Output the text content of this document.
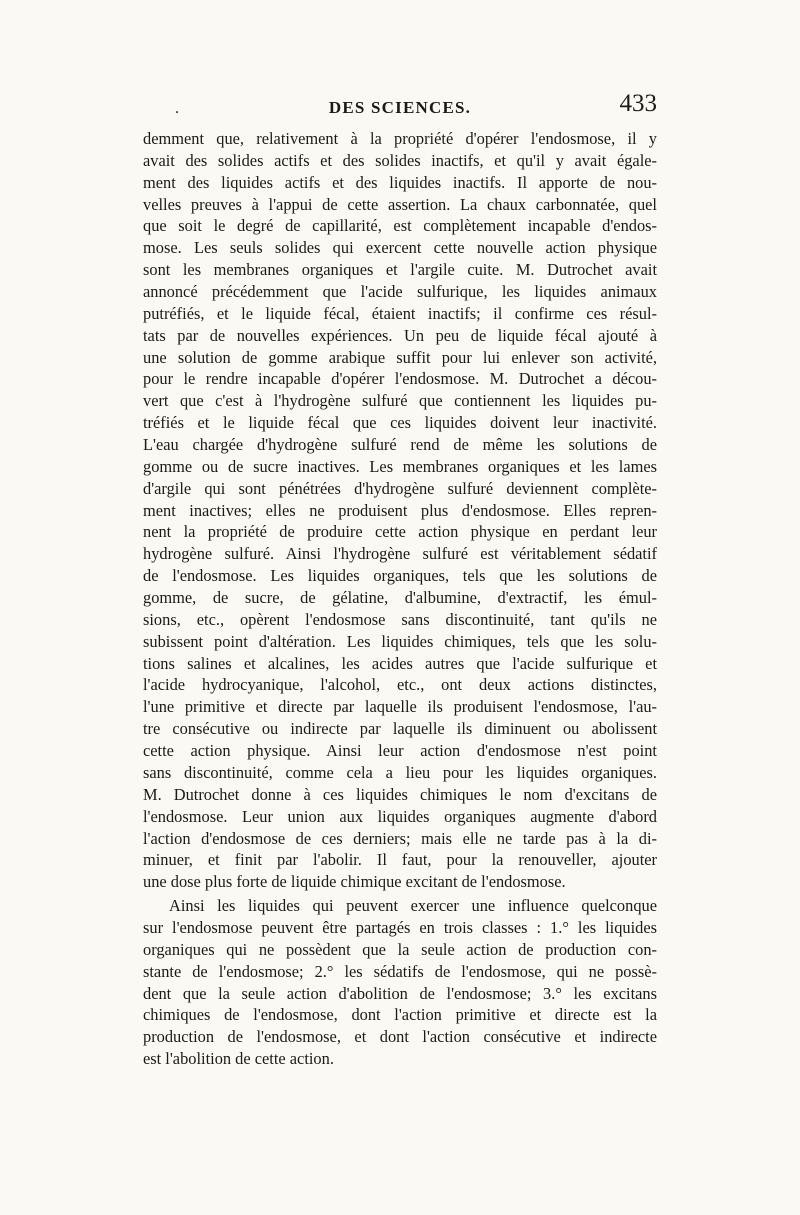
.	DES SCIENCES.	433
demment que, relativement à la propriété d'opérer l'endosmose, il y
avait des solides actifs et des solides inactifs, et qu'il y avait égale-
ment des liquides actifs et des liquides inactifs. Il apporte de nou-
velles preuves à l'appui de cette assertion. La chaux carbonnatée, quel
que soit le degré de capillarité, est complètement incapable d'endos-
mose. Les seuls solides qui exercent cette nouvelle action physique
sont les membranes organiques et l'argile cuite. M. Dutrochet avait
annoncé précédemment que l'acide sulfurique, les liquides animaux
putréfiés, et le liquide fécal, étaient inactifs; il confirme ces résul-
tats par de nouvelles expériences. Un peu de liquide fécal ajouté à
une solution de gomme arabique suffit pour lui enlever son activité,
pour le rendre incapable d'opérer l'endosmose. M. Dutrochet a décou-
vert que c'est à l'hydrogène sulfuré que contiennent les liquides pu-
tréfiés et le liquide fécal que ces liquides doivent leur inactivité.
L'eau chargée d'hydrogène sulfuré rend de même les solutions de
gomme ou de sucre inactives. Les membranes organiques et les lames
d'argile qui sont pénétrées d'hydrogène sulfuré deviennent complète-
ment inactives; elles ne produisent plus d'endosmose. Elles repren-
nent la propriété de produire cette action physique en perdant leur
hydrogène sulfuré. Ainsi l'hydrogène sulfuré est véritablement sédatif
de l'endosmose. Les liquides organiques, tels que les solutions de
gomme, de sucre, de gélatine, d'albumine, d'extractif, les émul-
sions, etc., opèrent l'endosmose sans discontinuité, tant qu'ils ne
subissent point d'altération. Les liquides chimiques, tels que les solu-
tions salines et alcalines, les acides autres que l'acide sulfurique et
l'acide hydrocyanique, l'alcohol, etc., ont deux actions distinctes,
l'une primitive et directe par laquelle ils produisent l'endosmose, l'au-
tre consécutive ou indirecte par laquelle ils diminuent ou abolissent
cette action physique. Ainsi leur action d'endosmose n'est point
sans discontinuité, comme cela a lieu pour les liquides organiques.
M. Dutrochet donne à ces liquides chimiques le nom d'excitans de
l'endosmose. Leur union aux liquides organiques augmente d'abord
l'action d'endosmose de ces derniers; mais elle ne tarde pas à la di-
minuer, et finit par l'abolir. Il faut, pour la renouveller, ajouter
une dose plus forte de liquide chimique excitant de l'endosmose.
Ainsi les liquides qui peuvent exercer une influence quelconque
sur l'endosmose peuvent être partagés en trois classes : 1.° les liquides
organiques qui ne possèdent que la seule action de production con-
stante de l'endosmose; 2.° les sédatifs de l'endosmose, qui ne possè-
dent que la seule action d'abolition de l'endosmose; 3.° les excitans
chimiques de l'endosmose, dont l'action primitive et directe est la
production de l'endosmose, et dont l'action consécutive et indirecte
est l'abolition de cette action.
